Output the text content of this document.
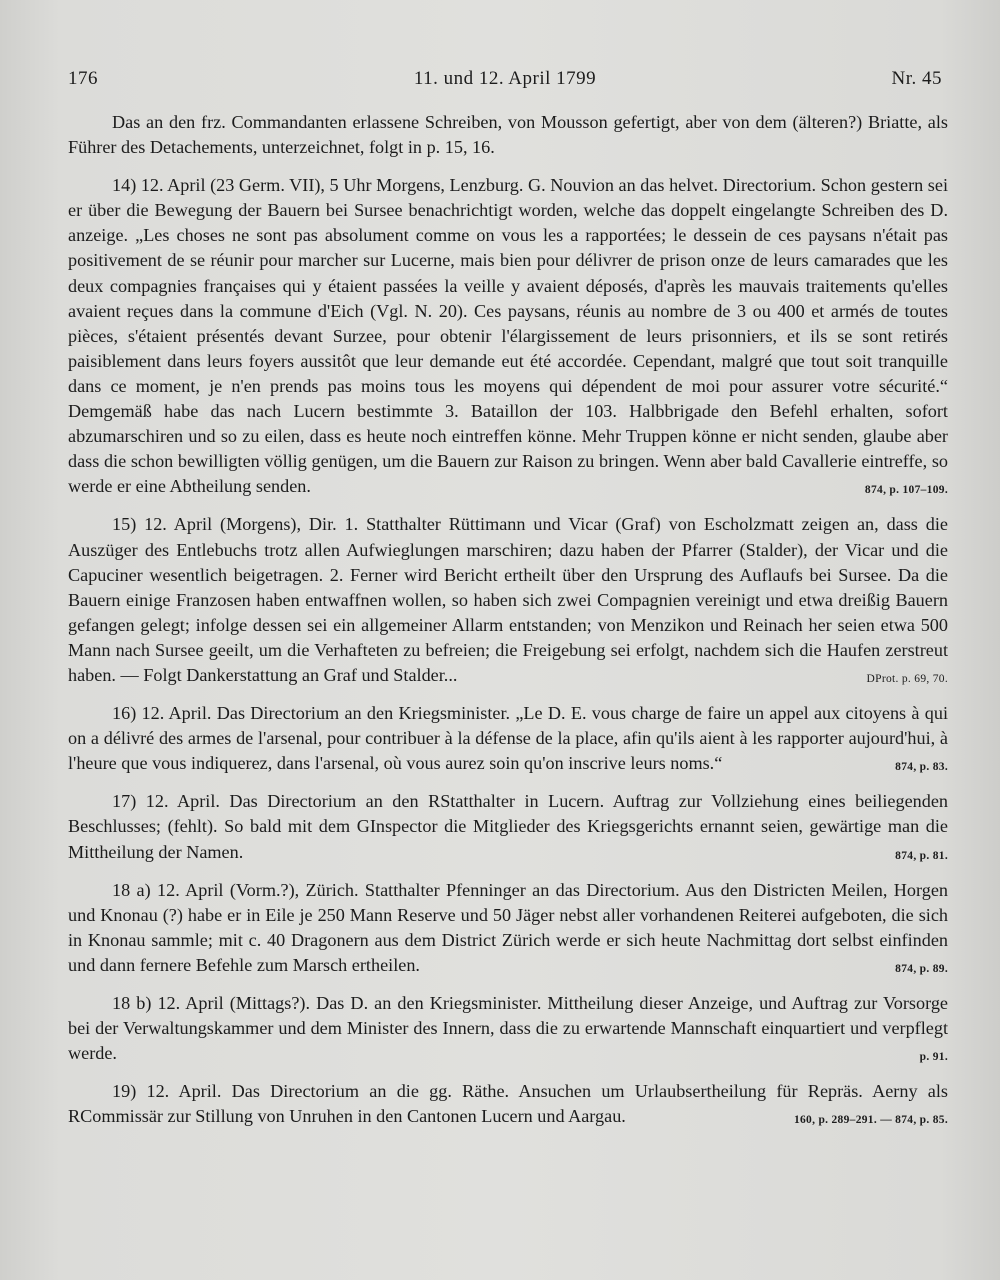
176	11. und 12. April 1799	Nr. 45

Das an den frz. Commandanten erlassene Schreiben, von Mousson gefertigt, aber von dem (älteren?) Briatte, als Führer des Detachements, unterzeichnet, folgt in p. 15, 16.

14) 12. April (23 Germ. VII), 5 Uhr Morgens, Lenzburg. G. Nouvion an das helvet. Directorium. Schon gestern sei er über die Bewegung der Bauern bei Sursee benachrichtigt worden, welche das doppelt eingelangte Schreiben des D. anzeige. „Les choses ne sont pas absolument comme on vous les a rapportées; le dessein de ces paysans n'était pas positivement de se réunir pour marcher sur Lucerne, mais bien pour délivrer de prison onze de leurs camarades que les deux compagnies françaises qui y étaient passées la veille y avaient déposés, d'après les mauvais traitements qu'elles avaient reçues dans la commune d'Eich (Vgl. N. 20). Ces paysans, réunis au nombre de 3 ou 400 et armés de toutes pièces, s'étaient présentés devant Surzee, pour obtenir l'élargissement de leurs prisonniers, et ils se sont retirés paisiblement dans leurs foyers aussitôt que leur demande eut été accordée. Cependant, malgré que tout soit tranquille dans ce moment, je n'en prends pas moins tous les moyens qui dépendent de moi pour assurer votre sécurité.“ Demgemäß habe das nach Lucern bestimmte 3. Bataillon der 103. Halbbrigade den Befehl erhalten, sofort abzumarschiren und so zu eilen, dass es heute noch eintreffen könne. Mehr Truppen könne er nicht senden, glaube aber dass die schon bewilligten völlig genügen, um die Bauern zur Raison zu bringen. Wenn aber bald Cavallerie eintreffe, so werde er eine Abtheilung senden.	874, p. 107–109.

15) 12. April (Morgens), Dir. 1. Statthalter Rüttimann und Vicar (Graf) von Escholzmatt zeigen an, dass die Auszüger des Entlebuchs trotz allen Aufwieglungen marschiren; dazu haben der Pfarrer (Stalder), der Vicar und die Capuciner wesentlich beigetragen. 2. Ferner wird Bericht ertheilt über den Ursprung des Auflaufs bei Sursee. Da die Bauern einige Franzosen haben entwaffnen wollen, so haben sich zwei Compagnien vereinigt und etwa dreißig Bauern gefangen gelegt; infolge dessen sei ein allgemeiner Allarm entstanden; von Menzikon und Reinach her seien etwa 500 Mann nach Sursee geeilt, um die Verhafteten zu befreien; die Freigebung sei erfolgt, nachdem sich die Haufen zerstreut haben. — Folgt Dankerstattung an Graf und Stalder...	DProt. p. 69, 70.

16) 12. April. Das Directorium an den Kriegsminister. „Le D. E. vous charge de faire un appel aux citoyens à qui on a délivré des armes de l'arsenal, pour contribuer à la défense de la place, afin qu'ils aient à les rapporter aujourd'hui, à l'heure que vous indiquerez, dans l'arsenal, où vous aurez soin qu'on inscrive leurs noms.“	874, p. 83.

17) 12. April. Das Directorium an den RStatthalter in Lucern. Auftrag zur Vollziehung eines beiliegenden Beschlusses; (fehlt). So bald mit dem GInspector die Mitglieder des Kriegsgerichts ernannt seien, gewärtige man die Mittheilung der Namen.	874, p. 81.

18 a) 12. April (Vorm.?), Zürich. Statthalter Pfenninger an das Directorium. Aus den Districten Meilen, Horgen und Knonau (?) habe er in Eile je 250 Mann Reserve und 50 Jäger nebst aller vorhandenen Reiterei aufgeboten, die sich in Knonau sammle; mit c. 40 Dragonern aus dem District Zürich werde er sich heute Nachmittag dort selbst einfinden und dann fernere Befehle zum Marsch ertheilen.	874, p. 89.

18 b) 12. April (Mittags?). Das D. an den Kriegsminister. Mittheilung dieser Anzeige, und Auftrag zur Vorsorge bei der Verwaltungskammer und dem Minister des Innern, dass die zu erwartende Mannschaft einquartiert und verpflegt werde.	p. 91.

19) 12. April. Das Directorium an die gg. Räthe. Ansuchen um Urlaubsertheilung für Repräs. Aerny als RCommissär zur Stillung von Unruhen in den Cantonen Lucern und Aargau.	160, p. 289–291. — 874, p. 85.
